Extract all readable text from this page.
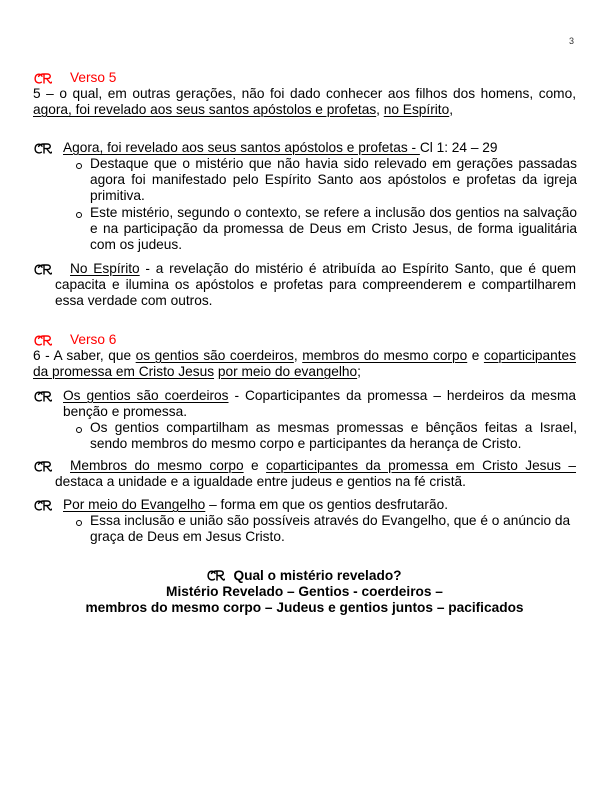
3
Verso 5
5 – o qual, em outras gerações, não foi dado conhecer aos filhos dos homens, como,
agora, foi revelado aos seus santos apóstolos e profetas, no Espírito,
Agora, foi revelado aos seus santos apóstolos e profetas - Cl 1: 24 – 29
Destaque que o mistério que não havia sido relevado em gerações passadas
agora foi manifestado pelo Espírito Santo aos apóstolos e profetas da igreja
primitiva.
Este mistério, segundo o contexto, se refere a inclusão dos gentios na salvação
e na participação da promessa de Deus em Cristo Jesus, de forma igualitária
com os judeus.
No Espírito - a revelação do mistério é atribuída ao Espírito Santo, que é quem
capacita e ilumina os apóstolos e profetas para compreenderem e compartilharem
essa verdade com outros.
Verso 6
6 - A saber, que os gentios são coerdeiros, membros do mesmo corpo e coparticipantes
da promessa em Cristo Jesus por meio do evangelho;
Os gentios são coerdeiros - Coparticipantes da promessa – herdeiros da mesma
benção e promessa.
Os gentios compartilham as mesmas promessas e bênçãos feitas a Israel,
sendo membros do mesmo corpo e participantes da herança de Cristo.
Membros do mesmo corpo e coparticipantes da promessa em Cristo Jesus –
destaca a unidade e a igualdade entre judeus e gentios na fé cristã.
Por meio do Evangelho – forma em que os gentios desfrutarão.
Essa inclusão e união são possíveis através do Evangelho, que é o anúncio da
graça de Deus em Jesus Cristo.
Qual o mistério revelado?
Mistério Revelado – Gentios - coerdeiros –
membros do mesmo corpo – Judeus e gentios juntos – pacificados
